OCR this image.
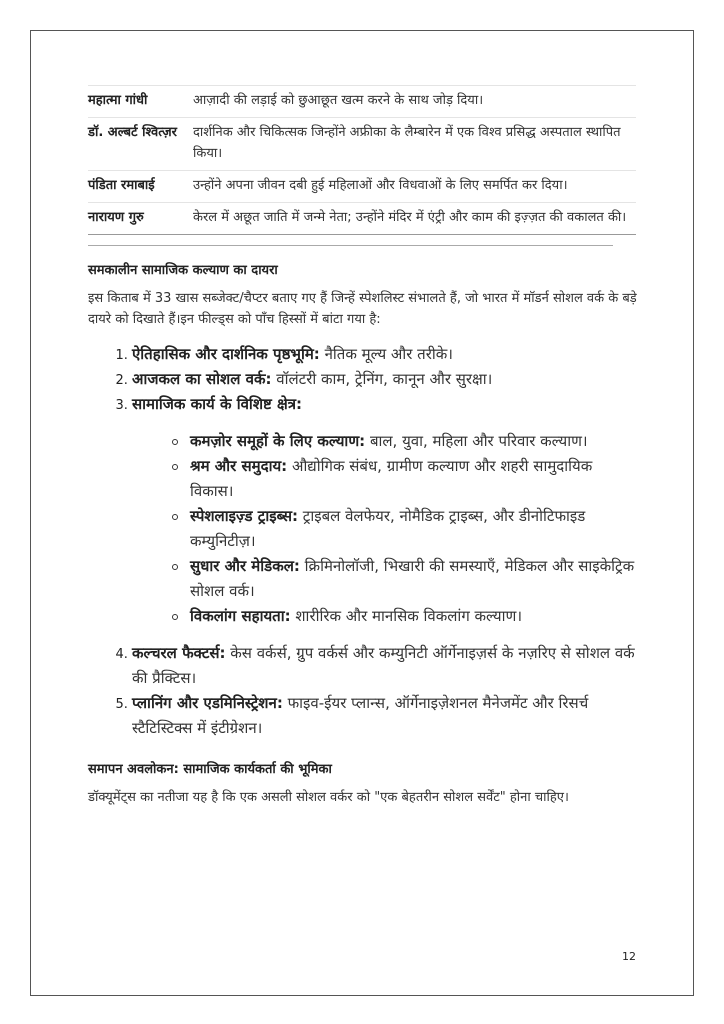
महात्मा गांधी	आज़ादी की लड़ाई को छुआछूत खत्म करने के साथ जोड़ दिया।
डॉ. अल्बर्ट श्वित्ज़र	दार्शनिक और चिकित्सक जिन्होंने अफ्रीका के लैम्बारेन में एक विश्व प्रसिद्ध अस्पताल स्थापित किया।
पंडिता रमाबाई	उन्होंने अपना जीवन दबी हुई महिलाओं और विधवाओं के लिए समर्पित कर दिया।
नारायण गुरु	केरल में अछूत जाति में जन्मे नेता; उन्होंने मंदिर में एंट्री और काम की इज़्ज़त की वकालत की।
समकालीन सामाजिक कल्याण का दायरा

इस किताब में 33 खास सब्जेक्ट/चैप्टर बताए गए हैं जिन्हें स्पेशलिस्ट संभालते हैं, जो भारत में मॉडर्न सोशल वर्क के बड़े दायरे को दिखाते हैं।इन फील्ड्स को पाँच हिस्सों में बांटा गया है:

1. ऐतिहासिक और दार्शनिक पृष्ठभूमि: नैतिक मूल्य और तरीके।
2. आजकल का सोशल वर्क: वॉलंटरी काम, ट्रेनिंग, कानून और सुरक्षा।
3. सामाजिक कार्य के विशिष्ट क्षेत्र:
कमज़ोर समूहों के लिए कल्याण: बाल, युवा, महिला और परिवार कल्याण।
श्रम और समुदाय: औद्योगिक संबंध, ग्रामीण कल्याण और शहरी सामुदायिक विकास।
स्पेशलाइज़्ड ट्राइब्स: ट्राइबल वेलफेयर, नोमैडिक ट्राइब्स, और डीनोटिफाइड कम्युनिटीज़।
सुधार और मेडिकल: क्रिमिनोलॉजी, भिखारी की समस्याएँ, मेडिकल और साइकेट्रिक सोशल वर्क।
विकलांग सहायता: शारीरिक और मानसिक विकलांग कल्याण।
4. कल्चरल फैक्टर्स: केस वर्कर्स, ग्रुप वर्कर्स और कम्युनिटी ऑर्गेनाइज़र्स के नज़रिए से सोशल वर्क की प्रैक्टिस।
5. प्लानिंग और एडमिनिस्ट्रेशन: फाइव-ईयर प्लान्स, ऑर्गेनाइज़ेशनल मैनेजमेंट और रिसर्च स्टैटिस्टिक्स में इंटीग्रेशन।
समापन अवलोकन: सामाजिक कार्यकर्ता की भूमिका

डॉक्यूमेंट्स का नतीजा यह है कि एक असली सोशल वर्कर को "एक बेहतरीन सोशल सर्वेंट" होना चाहिए।

12
